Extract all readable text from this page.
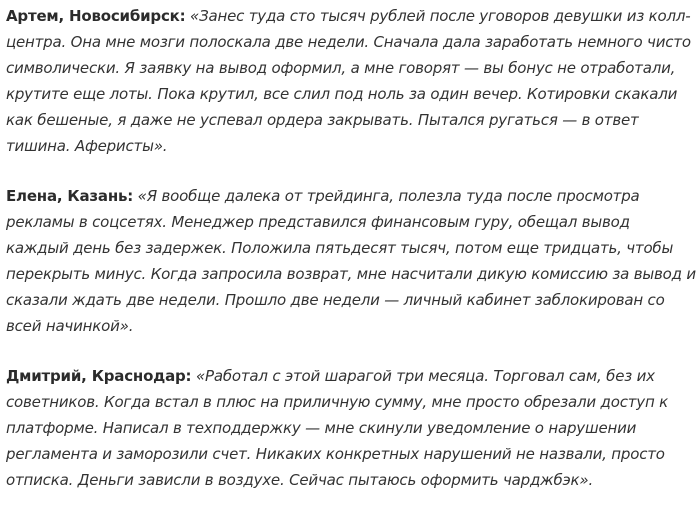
Артем, Новосибирск: «Занес туда сто тысяч рублей после уговоров девушки из колл-центра. Она мне мозги полоскала две недели. Сначала дала заработать немного чисто символически. Я заявку на вывод оформил, а мне говорят — вы бонус не отработали, крутите еще лоты. Пока крутил, все слил под ноль за один вечер. Котировки скакали как бешеные, я даже не успевал ордера закрывать. Пытался ругаться — в ответ тишина. Аферисты».

Елена, Казань: «Я вообще далека от трейдинга, полезла туда после просмотра рекламы в соцсетях. Менеджер представился финансовым гуру, обещал вывод каждый день без задержек. Положила пятьдесят тысяч, потом еще тридцать, чтобы перекрыть минус. Когда запросила возврат, мне насчитали дикую комиссию за вывод и сказали ждать две недели. Прошло две недели — личный кабинет заблокирован со всей начинкой».

Дмитрий, Краснодар: «Работал с этой шарагой три месяца. Торговал сам, без их советников. Когда встал в плюс на приличную сумму, мне просто обрезали доступ к платформе. Написал в техподдержку — мне скинули уведомление о нарушении регламента и заморозили счет. Никаких конкретных нарушений не назвали, просто отписка. Деньги зависли в воздухе. Сейчас пытаюсь оформить чарджбэк».
